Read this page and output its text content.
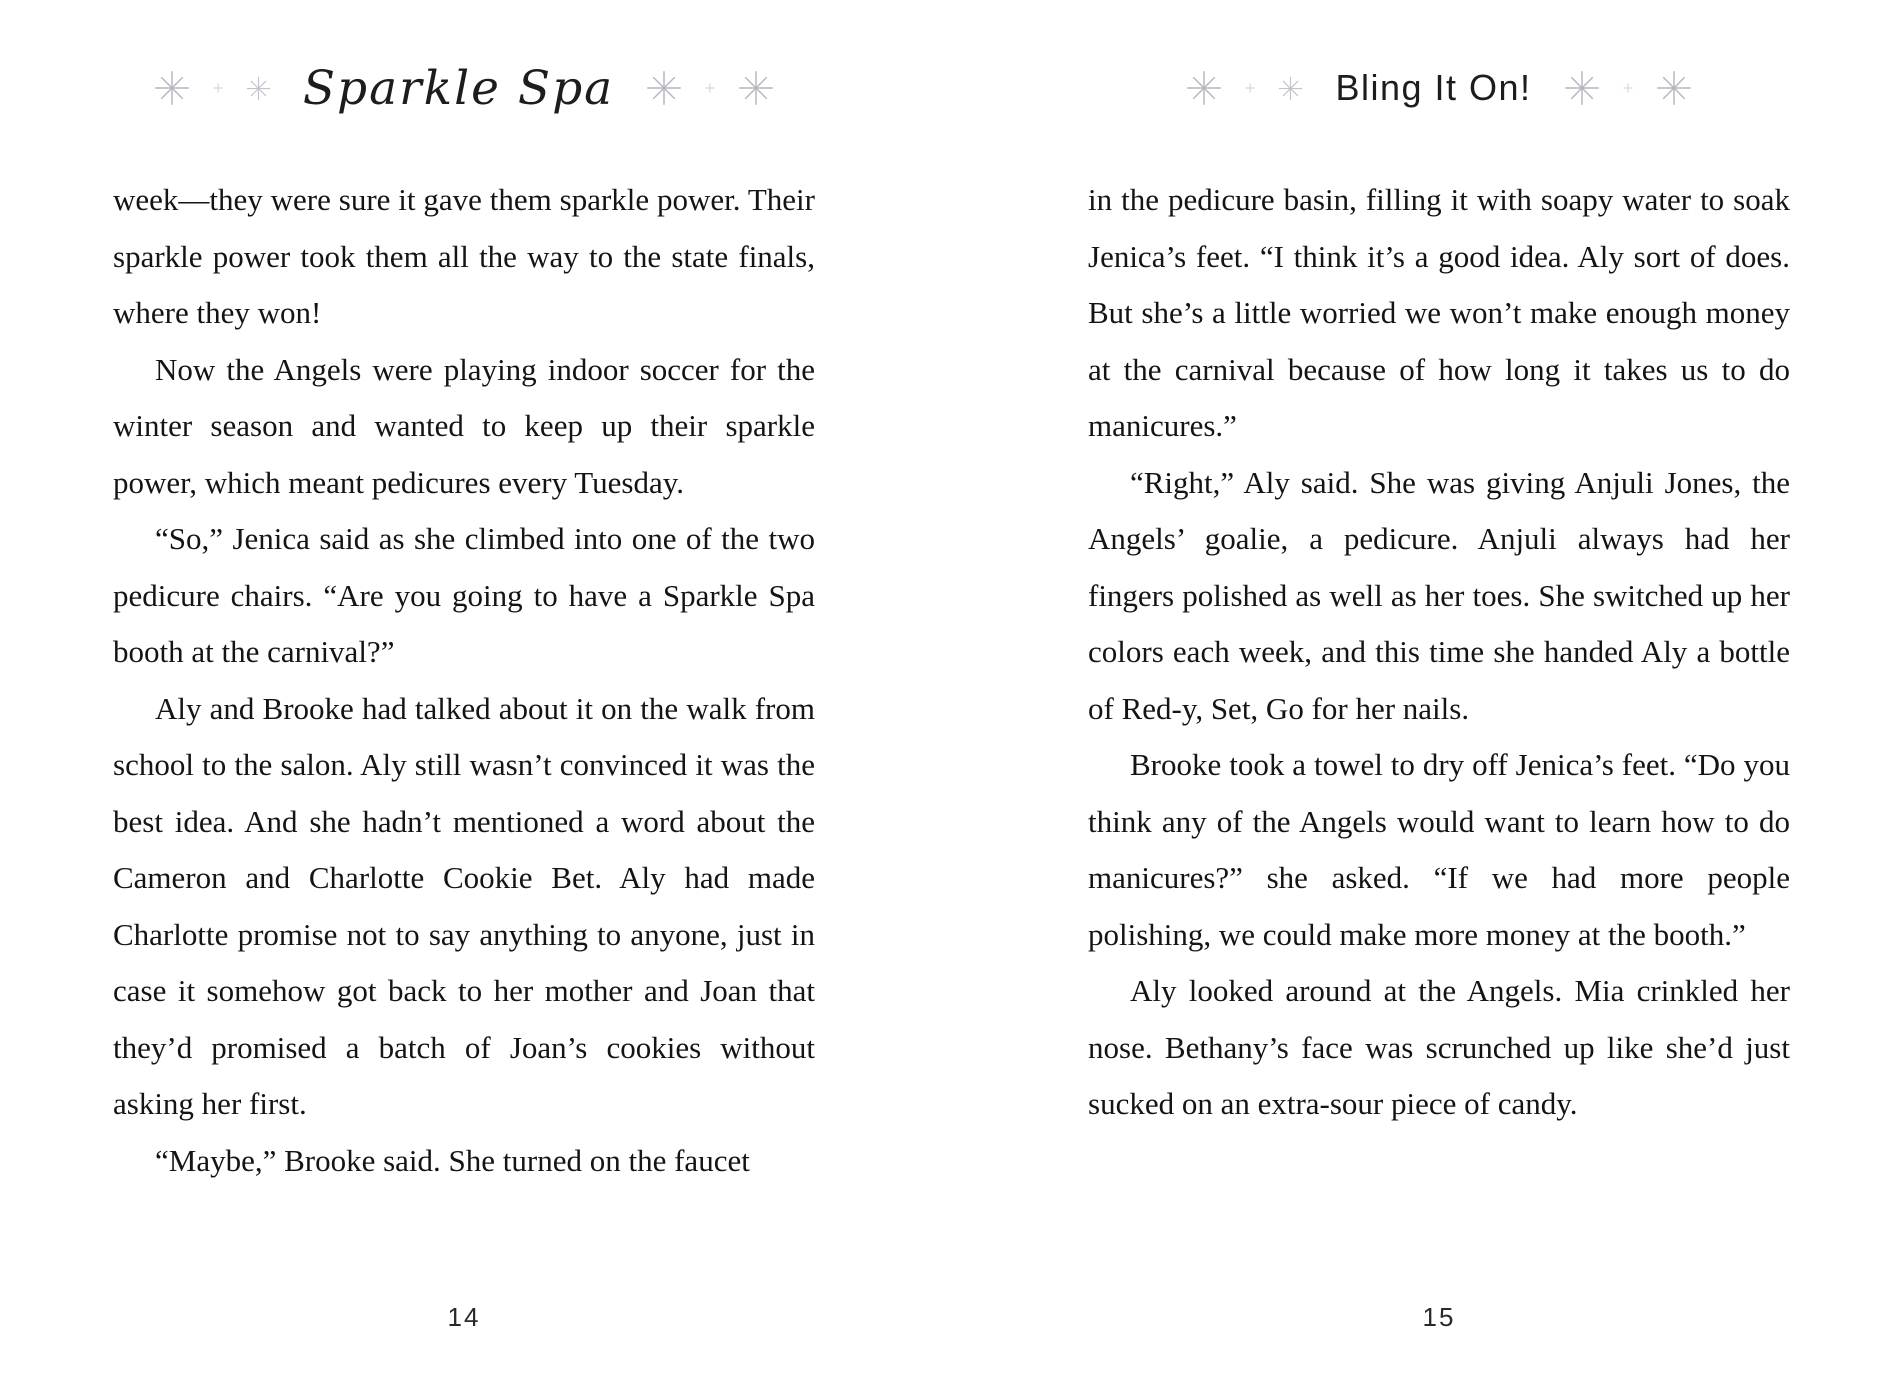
Sparkle Spa

week—they were sure it gave them sparkle power. Their sparkle power took them all the way to the state finals, where they won!

Now the Angels were playing indoor soccer for the winter season and wanted to keep up their sparkle power, which meant pedicures every Tuesday.

“So,” Jenica said as she climbed into one of the two pedicure chairs. “Are you going to have a Sparkle Spa booth at the carnival?”

Aly and Brooke had talked about it on the walk from school to the salon. Aly still wasn’t convinced it was the best idea. And she hadn’t mentioned a word about the Cameron and Charlotte Cookie Bet. Aly had made Charlotte promise not to say anything to anyone, just in case it somehow got back to her mother and Joan that they’d promised a batch of Joan’s cookies without asking her first.

“Maybe,” Brooke said. She turned on the faucet

14
Bling It On!

in the pedicure basin, filling it with soapy water to soak Jenica’s feet. “I think it’s a good idea. Aly sort of does. But she’s a little worried we won’t make enough money at the carnival because of how long it takes us to do manicures.”

“Right,” Aly said. She was giving Anjuli Jones, the Angels’ goalie, a pedicure. Anjuli always had her fingers polished as well as her toes. She switched up her colors each week, and this time she handed Aly a bottle of Red-y, Set, Go for her nails.

Brooke took a towel to dry off Jenica’s feet. “Do you think any of the Angels would want to learn how to do manicures?” she asked. “If we had more people polishing, we could make more money at the booth.”

Aly looked around at the Angels. Mia crinkled her nose. Bethany’s face was scrunched up like she’d just sucked on an extra-sour piece of candy.

15
